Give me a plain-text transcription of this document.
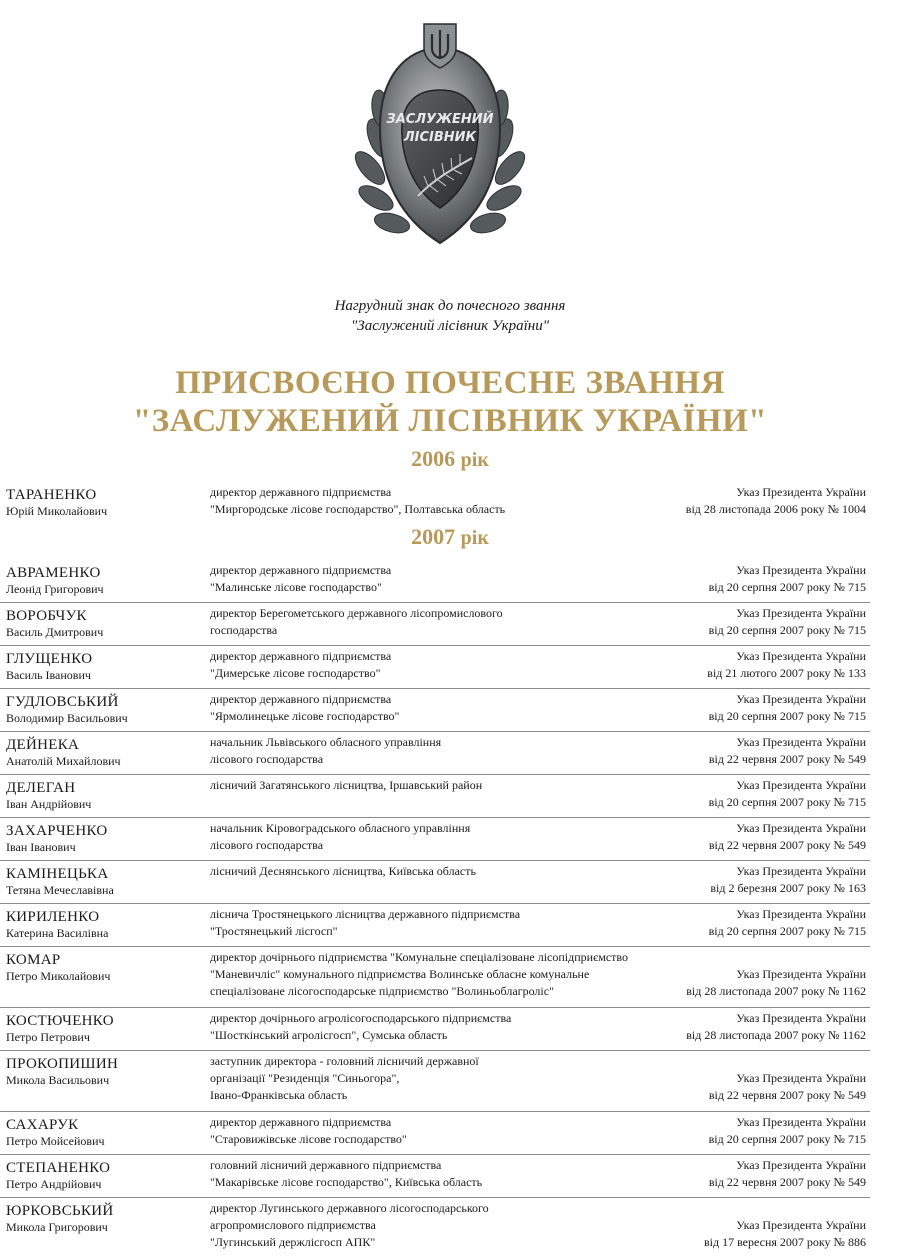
ЗАСЛУЖЕНИЙ
ЛІСІВНИК
Нагрудний знак до почесного звання
"Заслужений лісівник України"
ПРИСВОЄНО ПОЧЕСНЕ ЗВАННЯ
"ЗАСЛУЖЕНИЙ ЛІСІВНИК УКРАЇНИ"
2006 рік
ТАРАНЕНКО
Юрій Миколайович
директор державного підприємства
"Миргородське лісове господарство", Полтавська область
Указ Президента України
від 28 листопада 2006 року № 1004
2007 рік
АВРАМЕНКО
Леонід Григорович
директор державного підприємства
"Малинське лісове господарство"
Указ Президента України
від 20 серпня 2007 року № 715
ВОРОБЧУК
Василь Дмитрович
директор Берегометського державного лісопромислового
господарства
Указ Президента України
від 20 серпня 2007 року № 715
ГЛУЩЕНКО
Василь Іванович
директор державного підприємства
"Димерське лісове господарство"
Указ Президента України
від 21 лютого 2007 року № 133
ГУДЛОВСЬКИЙ
Володимир Васильович
директор державного підприємства
"Ярмолинецьке лісове господарство"
Указ Президента України
від 20 серпня 2007 року № 715
ДЕЙНЕКА
Анатолій Михайлович
начальник Львівського обласного управління
лісового господарства
Указ Президента України
від 22 червня 2007 року № 549
ДЕЛЕГАН
Іван Андрійович
лісничий Загатянського лісництва, Іршавський район	Указ Президента України
від 20 серпня 2007 року № 715
ЗАХАРЧЕНКО
Іван Іванович
начальник Кіровоградського обласного управління
лісового господарства
Указ Президента України
від 22 червня 2007 року № 549
КАМІНЕЦЬКА
Тетяна Мечеславівна
лісничий Деснянського лісництва, Київська область	Указ Президента України
від 2 березня 2007 року № 163
КИРИЛЕНКО
Катерина Василівна
лісничa Тростянецького лісництва державного підприємства
"Тростянецький лісгосп"
Указ Президента України
від 20 серпня 2007 року № 715
КОМАР
Петро Миколайович
директор дочірнього підприємства "Комунальне спеціалізоване лісопідприємство
"Маневичліс" комунального підприємства Волинське обласне комунальне
спеціалізоване лісогосподарське підприємство "Волиньоблагроліс"
Указ Президента України
від 28 листопада 2007 року № 1162
КОСТЮЧЕНКО
Петро Петрович
директор дочірнього агролісогосподарського підприємства
"Шосткінський агролісгосп", Сумська область
Указ Президента України
від 28 листопада 2007 року № 1162
ПРОКОПИШИН
Микола Васильович
заступник директора - головний лісничий державної
організації "Резиденція "Синьогора",
Івано-Франківська область
Указ Президента України
від 22 червня 2007 року № 549
САХАРУК
Петро Мойсейович
директор державного підприємства
"Старовижівське лісове господарство"
Указ Президента України
від 20 серпня 2007 року № 715
СТЕПАНЕНКО
Петро Андрійович
головний лісничий державного підприємства
"Макарівське лісове господарство", Київська область
Указ Президента України
від 22 червня 2007 року № 549
ЮРКОВСЬКИЙ
Микола Григорович
директор Лугинського державного лісогосподарського
агропромислового підприємства
"Лугинський держлісгосп АПК"
Указ Президента України
від 17 вересня 2007 року № 886
